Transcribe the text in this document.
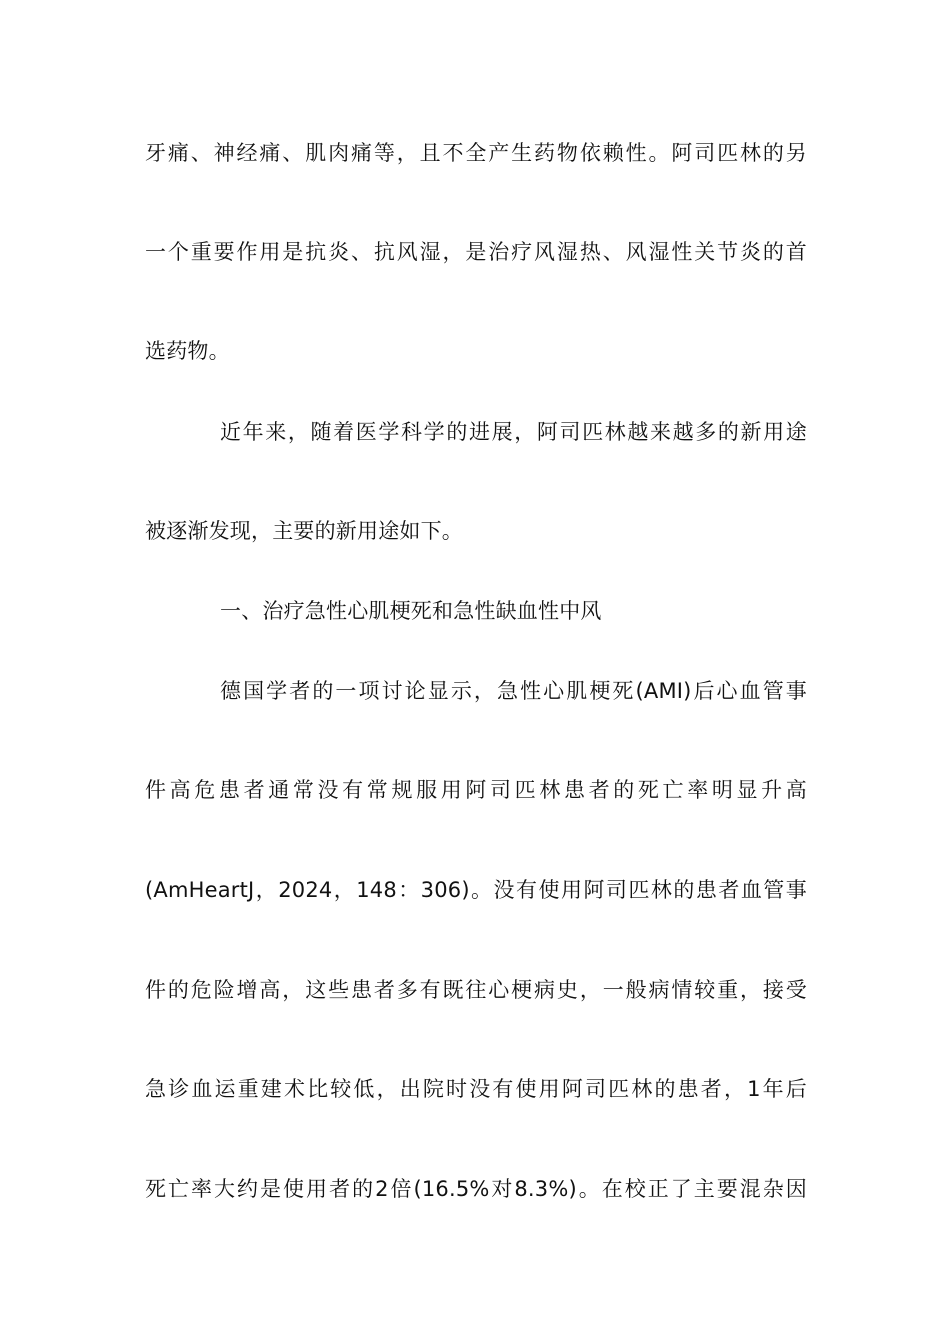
牙痛、神经痛、肌肉痛等，且不全产生药物依赖性。阿司匹林的另
一个重要作用是抗炎、抗风湿，是治疗风湿热、风湿性关节炎的首
选药物。
近年来，随着医学科学的进展，阿司匹林越来越多的新用途
被逐渐发现，主要的新用途如下。
一、治疗急性心肌梗死和急性缺血性中风
德国学者的一项讨论显示，急性心肌梗死(AMI)后心血管事
件高危患者通常没有常规服用阿司匹林患者的死亡率明显升高
(AmHeartJ，2024，148：306)。没有使用阿司匹林的患者血管事
件的危险增高，这些患者多有既往心梗病史，一般病情较重，接受
急诊血运重建术比较低，出院时没有使用阿司匹林的患者，1年后
死亡率大约是使用者的2倍(16.5%对8.3%)。在校正了主要混杂因
